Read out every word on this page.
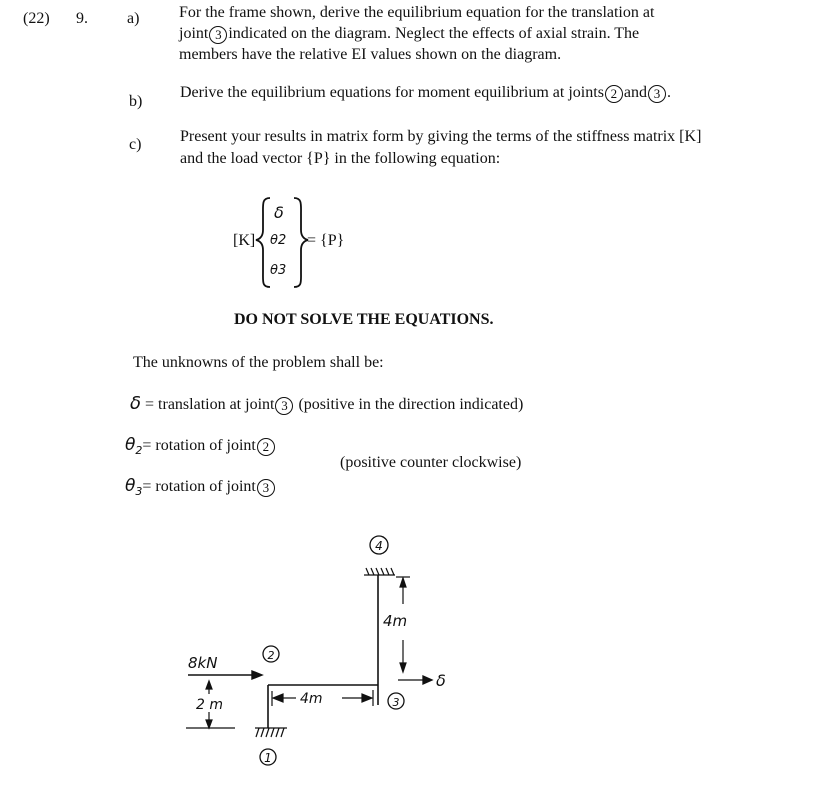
(22) 9. a) For the frame shown, derive the equilibrium equation for the translation at
joint 3 indicated on the diagram. Neglect the effects of axial strain. The
members have the relative EI values shown on the diagram.
b)
Derive the equilibrium equations for moment equilibrium at joints 2 and 3 .
c) Present your results in matrix form by giving the terms of the stiffness matrix [K]
and the load vector {P} in the following equation:
[K]
δ
θ2
θ3
= {P}
DO NOT SOLVE THE EQUATIONS.
The unknowns of the problem shall be:
δ = translation at joint 3 (positive in the direction indicated)
$\theta_2=$ rotation of joint 2
(positive counter clockwise)
$\theta_3=$ rotation of joint 3
1
2
3
4
8kN
2 m	4m
4m
δ
